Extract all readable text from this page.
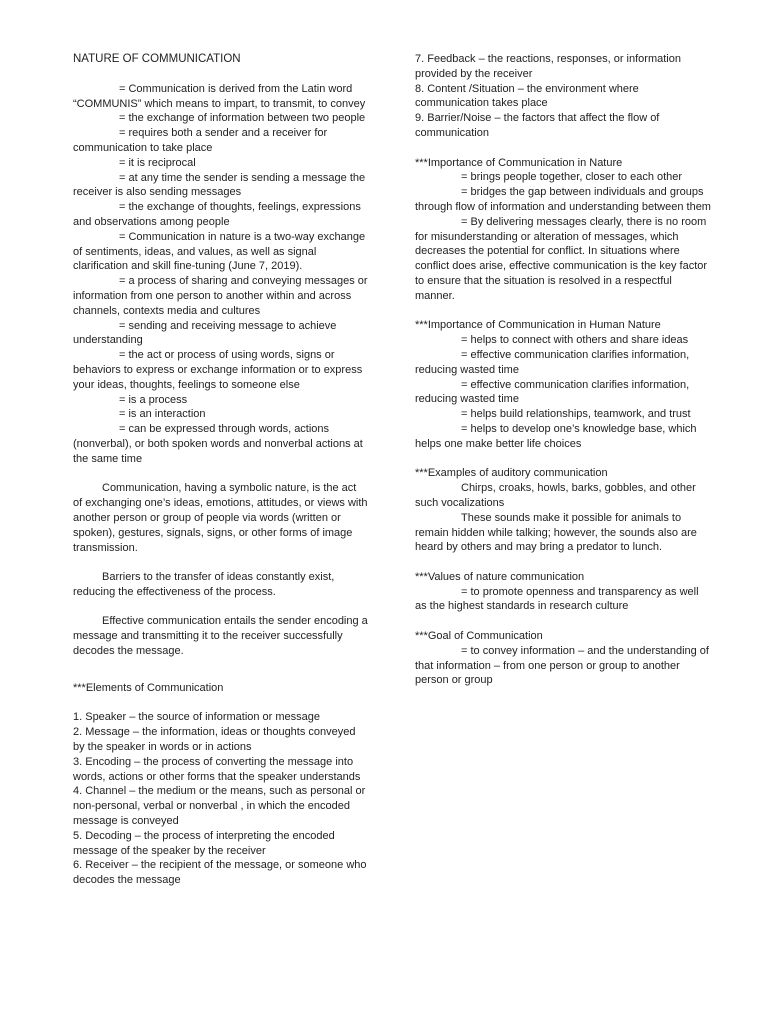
NATURE OF COMMUNICATION

= Communication is derived from the Latin word “COMMUNIS” which means to impart, to transmit, to convey

= the exchange of information between two people

= requires both a sender and a receiver for communication to take place

= it is reciprocal

= at any time the sender is sending a message the receiver is also sending messages

= the exchange of thoughts, feelings, expressions and observations among people

= Communication in nature is a two-way exchange of sentiments, ideas, and values, as well as signal clarification and skill fine-tuning (June 7, 2019).

= a process of sharing and conveying messages or information from one person to another within and across channels, contexts media and cultures

= sending and receiving message to achieve understanding

= the act or process of using words, signs or behaviors to express or exchange information or to express your ideas, thoughts, feelings to someone else

= is a process

= is an interaction

= can be expressed through words, actions (nonverbal), or both spoken words and nonverbal actions at the same time

Communication, having a symbolic nature, is the act of exchanging one’s ideas, emotions, attitudes, or views with another person or group of people via words (written or spoken), gestures, signals, signs, or other forms of image transmission.

Barriers to the transfer of ideas constantly exist, reducing the effectiveness of the process.

Effective communication entails the sender encoding a message and transmitting it to the receiver successfully decodes the message.

***Elements of Communication

1. Speaker – the source of information or message

2. Message – the information, ideas or thoughts conveyed by the speaker in words or in actions

3. Encoding – the process of converting the message into words, actions or other forms that the speaker understands

4. Channel – the medium or the means, such as personal or non-personal, verbal or nonverbal , in which the encoded message is conveyed

5. Decoding – the process of interpreting the encoded message of the speaker by the receiver

6. Receiver – the recipient of the message, or someone who decodes the message

7. Feedback – the reactions, responses, or information provided by the receiver

8. Content /Situation – the environment where communication takes place

9. Barrier/Noise – the factors that affect the flow of communication

***Importance of Communication in Nature

= brings people together, closer to each other

= bridges the gap between individuals and groups through flow of information and understanding between them

= By delivering messages clearly, there is no room for misunderstanding or alteration of messages, which decreases the potential for conflict. In situations where conflict does arise, effective communication is the key factor to ensure that the situation is resolved in a respectful manner.

***Importance of Communication in Human Nature

= helps to connect with others and share ideas

= effective communication clarifies information, reducing wasted time

= effective communication clarifies information, reducing wasted time

= helps build relationships, teamwork, and trust

= helps to develop one’s knowledge base, which helps one make better life choices

***Examples of auditory communication

Chirps, croaks, howls, barks, gobbles, and other such vocalizations

These sounds make it possible for animals to remain hidden while talking; however, the sounds also are heard by others and may bring a predator to lunch.

***Values of nature communication

= to promote openness and transparency as well as the highest standards in research culture

***Goal of Communication

= to convey information – and the understanding of that information – from one person or group to another person or group
